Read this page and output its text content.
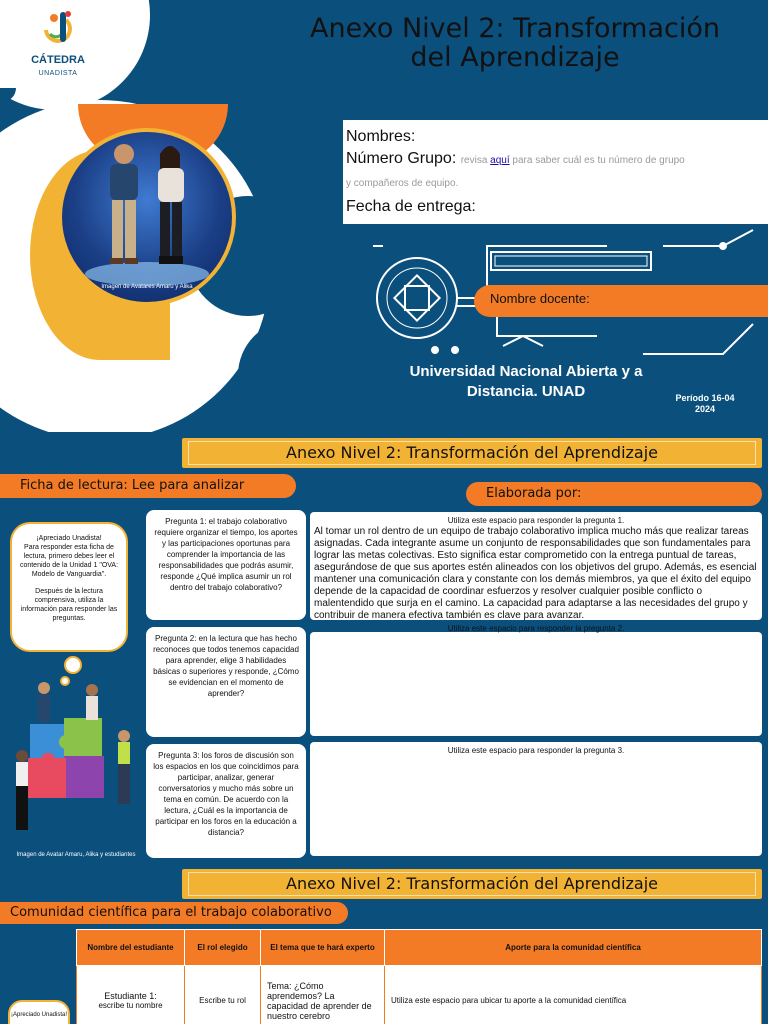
Anexo Nivel 2: Transformación
del Aprendizaje
CÁTEDRA
UNADISTA
Imagen de Avatares Amaru y Alika
Nombres:
Número Grupo: revisa aquí para saber cuál es tu número de grupo
y compañeros de equipo.
Fecha de entrega:
Nombre docente:
Universidad Nacional Abierta y a Distancia. UNAD	Período 16-04
2024
Anexo Nivel 2: Transformación del Aprendizaje
Ficha de lectura: Lee para analizar
Elaborada por:
¡Apreciado Unadista!
Para responder esta ficha de lectura, primero debes leer el contenido de la Unidad 1 "OVA: Modelo de Vanguardia".
Después de la lectura comprensiva, utiliza la información para responder las preguntas.
Imagen de Avatar Amaru, Alika y estudiantes
Pregunta 1: el trabajo colaborativo requiere organizar el tiempo, los aportes y las participaciones oportunas para comprender la importancia de las responsabilidades que podrás asumir, responde ¿Qué implica asumir un rol dentro del trabajo colaborativo?
Pregunta 2: en la lectura que has hecho reconoces que todos tenemos capacidad para aprender, elige 3 habilidades básicas o superiores y responde, ¿Cómo se evidencian en el momento de aprender?
Pregunta 3: los foros de discusión son los espacios en los que coincidimos para participar, analizar, generar conversatorios y mucho más sobre un tema en común. De acuerdo con la lectura, ¿Cuál es la importancia de participar en los foros en la educación a distancia?
Utiliza este espacio para responder la pregunta 1.
Al tomar un rol dentro de un equipo de trabajo colaborativo implica mucho más que realizar tareas asignadas. Cada integrante asume un conjunto de responsabilidades que son fundamentales para lograr las metas colectivas. Esto significa estar comprometido con la entrega puntual de tareas, asegurándose de que sus aportes estén alineados con los objetivos del grupo. Además, es esencial mantener una comunicación clara y constante con los demás miembros, ya que el éxito del equipo depende de la capacidad de coordinar esfuerzos y resolver cualquier posible conflicto o malentendido que surja en el camino. La capacidad para adaptarse a las necesidades del grupo y contribuir de manera efectiva también es clave para avanzar.
Utiliza este espacio para responder la pregunta 2.
Utiliza este espacio para responder la pregunta 3.
Anexo Nivel 2: Transformación del Aprendizaje
Comunidad científica para el trabajo colaborativo
Nombre del estudiante	El rol elegido	El tema que te hará experto	Aporte para la comunidad científica

Estudiante 1:
escribe tu nombre	Escribe tu rol	Tema: ¿Cómo aprendemos? La capacidad de aprender de nuestro cerebro	Utiliza este espacio para ubicar tu aporte a la comunidad científica
¡Apreciado Unadista!
